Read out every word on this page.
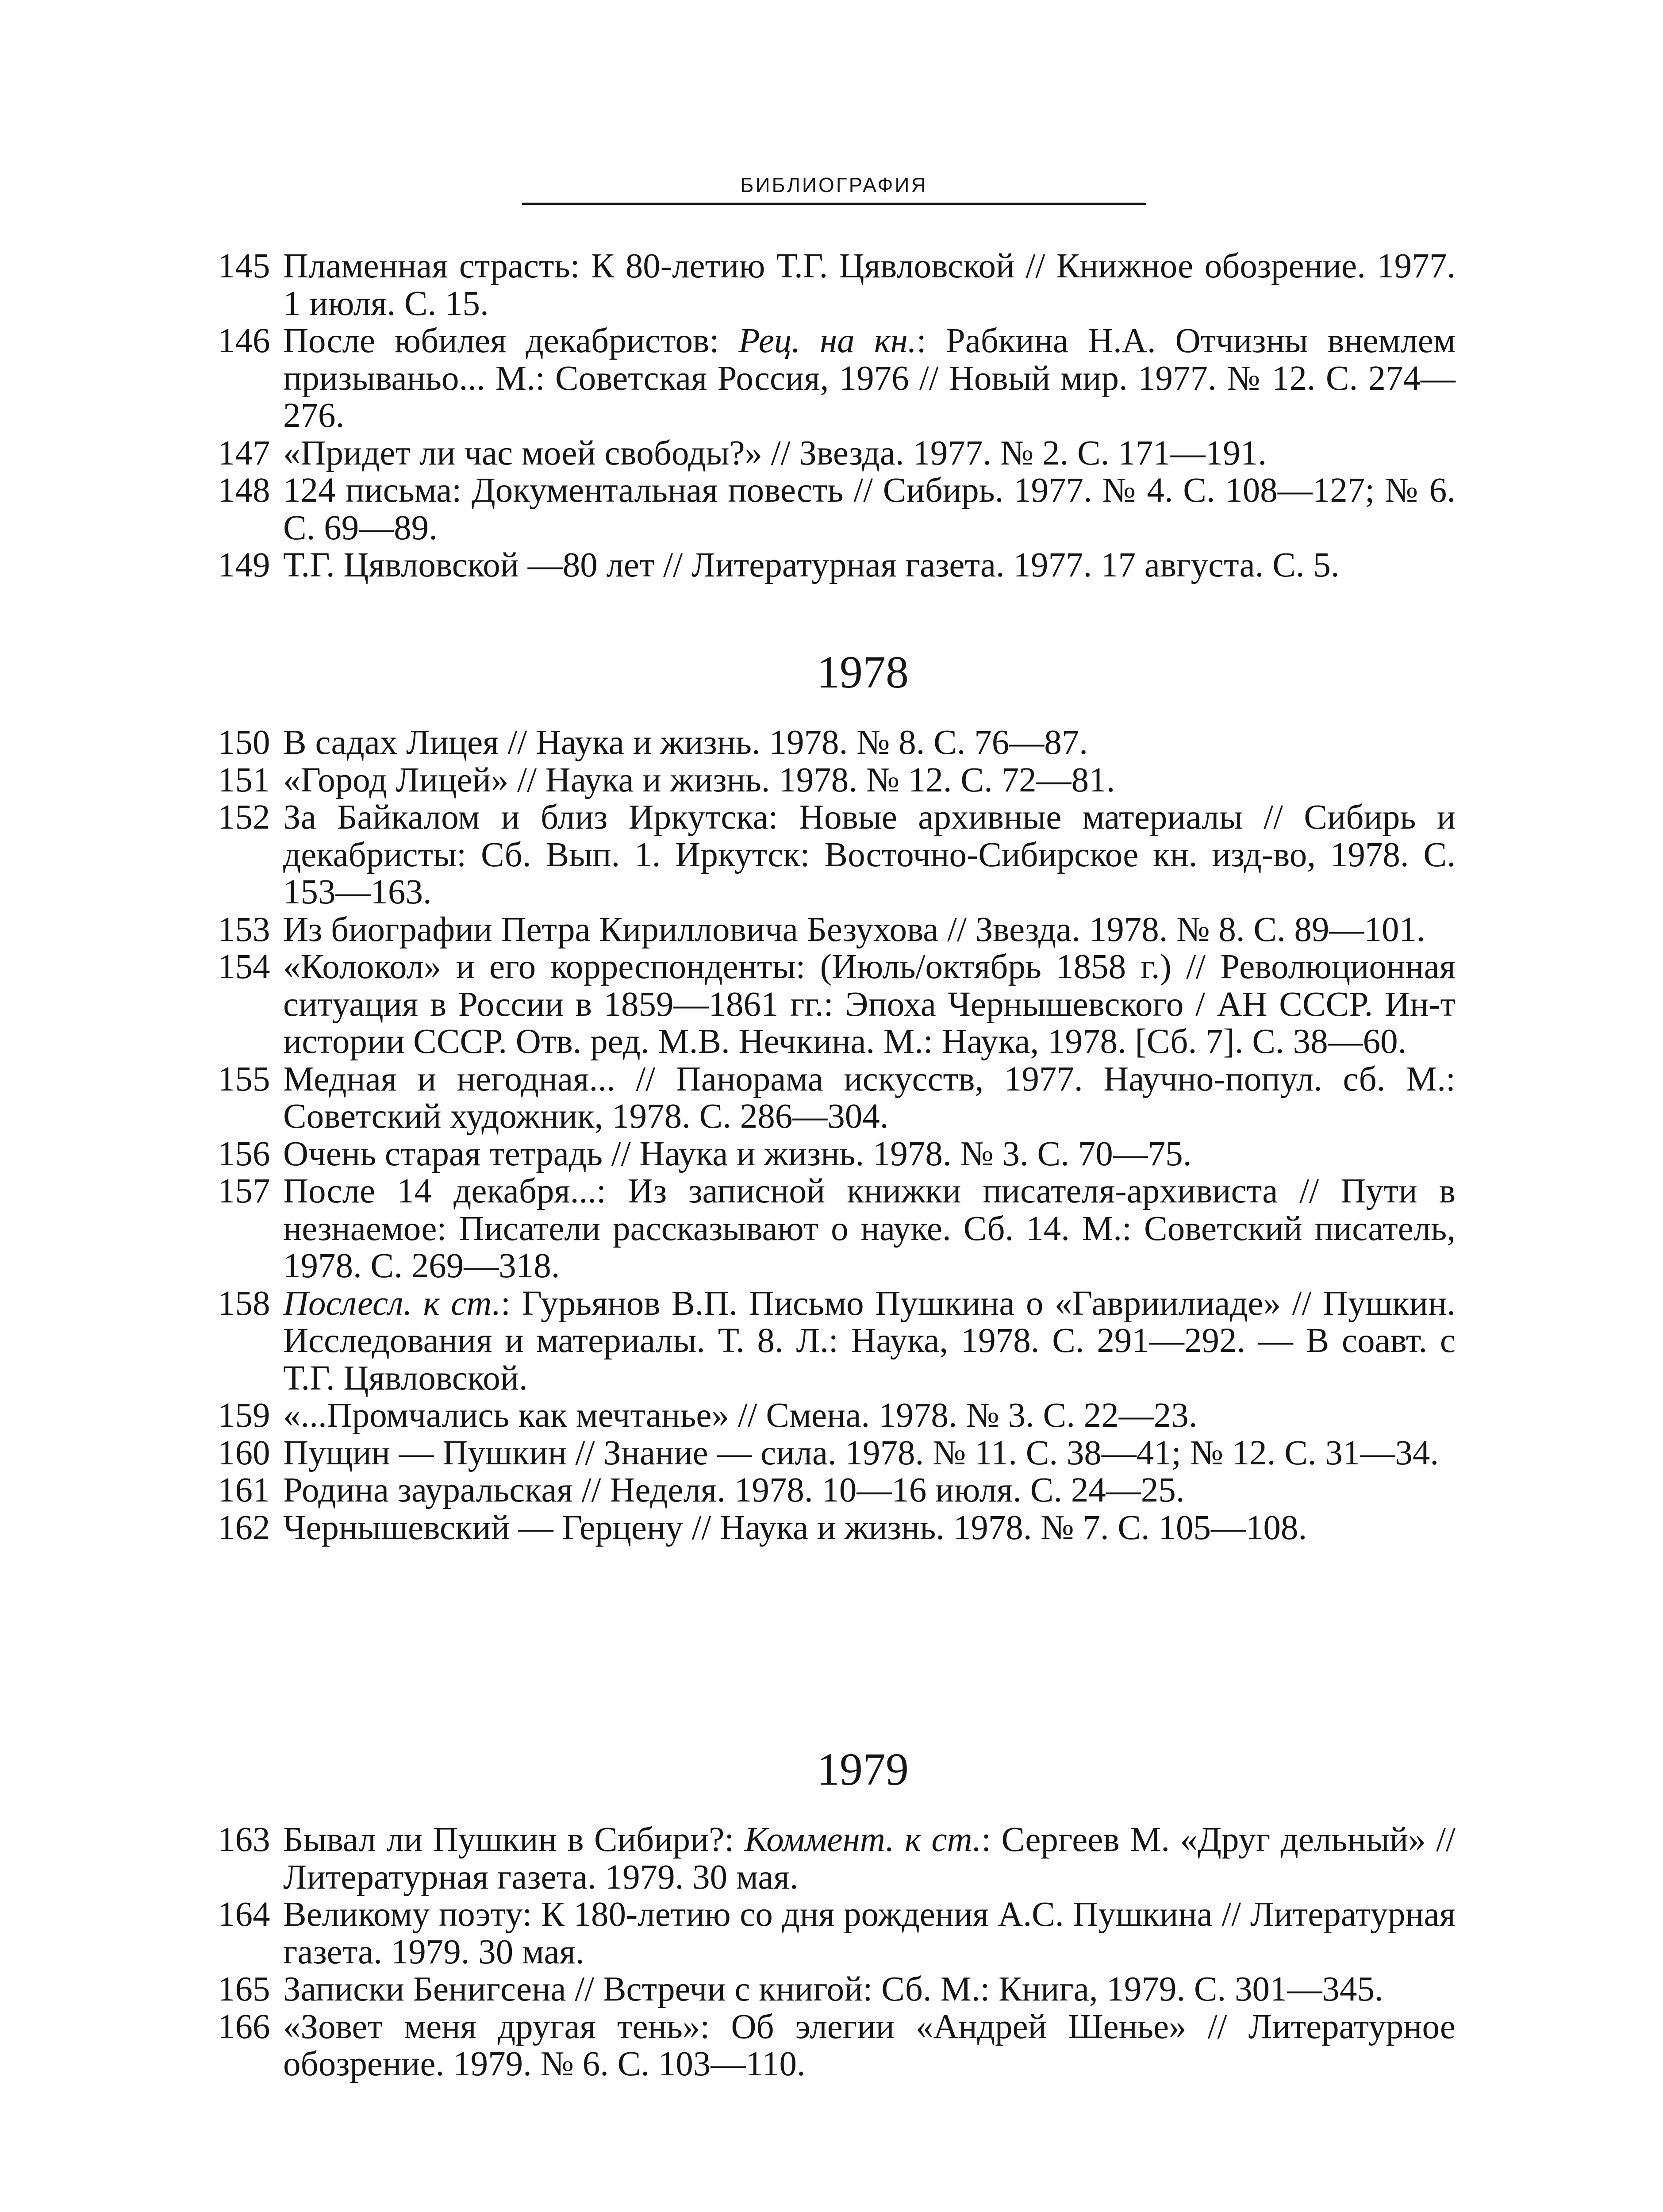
БИБЛИОГРАФИЯ
145 Пламенная страсть: К 80-летию Т.Г. Цявловской // Книжное обозрение. 1977. 1 июля. С. 15.
146 После юбилея декабристов: Рец. на кн.: Рабкина Н.А. Отчизны внемлем призываньо... М.: Советская Россия, 1976 // Новый мир. 1977. № 12. С. 274—276.
147 «Придет ли час моей свободы?» // Звезда. 1977. № 2. С. 171—191.
148 124 письма: Документальная повесть // Сибирь. 1977. № 4. С. 108—127; № 6. С. 69—89.
149 Т.Г. Цявловской —80 лет // Литературная газета. 1977. 17 августа. С. 5.
1978
150 В садах Лицея // Наука и жизнь. 1978. № 8. С. 76—87.
151 «Город Лицей» // Наука и жизнь. 1978. № 12. С. 72—81.
152 За Байкалом и близ Иркутска: Новые архивные материалы // Сибирь и декабристы: Сб. Вып. 1. Иркутск: Восточно-Сибирское кн. изд-во, 1978. С. 153—163.
153 Из биографии Петра Кирилловича Безухова // Звезда. 1978. № 8. С. 89—101.
154 «Колокол» и его корреспонденты: (Июль/октябрь 1858 г.) // Революционная ситуация в России в 1859—1861 гг.: Эпоха Чернышевского / АН СССР. Ин-т истории СССР. Отв. ред. М.В. Нечкина. М.: Наука, 1978. [Сб. 7]. С. 38—60.
155 Медная и негодная... // Панорама искусств, 1977. Научно-попул. сб. М.: Советский художник, 1978. С. 286—304.
156 Очень старая тетрадь // Наука и жизнь. 1978. № 3. С. 70—75.
157 После 14 декабря...: Из записной книжки писателя-архивиста // Пути в незнаемое: Писатели рассказывают о науке. Сб. 14. М.: Советский писатель, 1978. С. 269—318.
158 Послесл. к ст.: Гурьянов В.П. Письмо Пушкина о «Гавриилиаде» // Пушкин. Исследования и материалы. Т. 8. Л.: Наука, 1978. С. 291—292. — В соавт. с Т.Г. Цявловской.
159 «...Промчались как мечтанье» // Смена. 1978. № 3. С. 22—23.
160 Пущин — Пушкин // Знание — сила. 1978. № 11. С. 38—41; № 12. С. 31—34.
161 Родина зауральская // Неделя. 1978. 10—16 июля. С. 24—25.
162 Чернышевский — Герцену // Наука и жизнь. 1978. № 7. С. 105—108.
1979
163 Бывал ли Пушкин в Сибири?: Коммент. к ст.: Сергеев М. «Друг дельный» // Литературная газета. 1979. 30 мая.
164 Великому поэту: К 180-летию со дня рождения А.С. Пушкина // Литературная газета. 1979. 30 мая.
165 Записки Бенигсена // Встречи с книгой: Сб. М.: Книга, 1979. С. 301—345.
166 «Зовет меня другая тень»: Об элегии «Андрей Шенье» // Литературное обозрение. 1979. № 6. С. 103—110.
